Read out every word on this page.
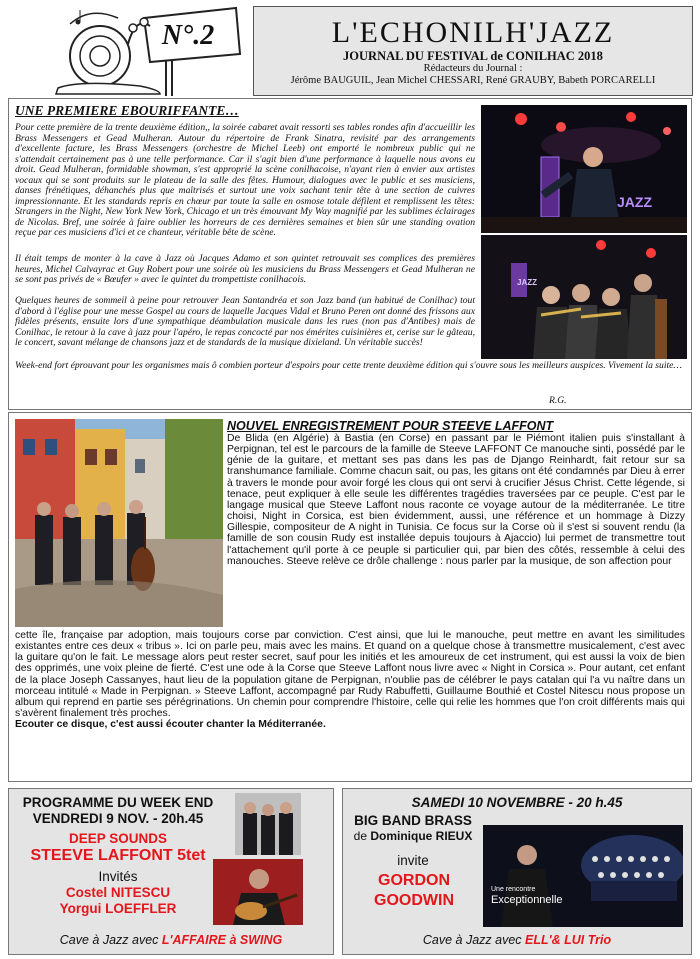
N°.2	L'ECHONILH'JAZZ
JOURNAL DU FESTIVAL de CONILHAC 2018
Rédacteurs du Journal :
Jérôme BAUGUIL, Jean Michel CHESSARI, René GRAUBY, Babeth PORCARELLI
UNE PREMIERE EBOURIFFANTE…

Pour cette première de la trente deuxième édition,, la soirée cabaret avait ressorti ses tables rondes afin d'accueillir les Brass Messengers et Gead Mulheran. Autour du répertoire de Frank Sinatra, revisité par des arrangements d'excellente facture, les Brass Messengers (orchestre de Michel Leeb) ont emporté le nombreux public qui ne s'attendait certainement pas à une telle performance. Car il s'agit bien d'une performance à laquelle nous avons eu droit. Gead Mulheran, formidable showman, s'est approprié la scène conilhacoise, n'ayant rien à envier aux artistes vocaux qui se sont produits sur le plateau de la salle des fêtes. Humour, dialogues avec le public et ses musiciens, danses frénétiques, déhanchés plus que maîtrisés et surtout une voix sachant tenir tête à une section de cuivres impressionnante. Et les standards repris en chœur par toute la salle en osmose totale défilent et remplissent les têtes: Strangers in the Night, New York New York, Chicago et un très émouvant My Way magnifié par les sublimes éclairages de Nicolas. Bref, une soirée à faire oublier les horreurs de ces dernières semaines et bien sûr une standing ovation reçue par ces musiciens d'ici et ce chanteur, véritable bête de scène.

Il était temps de monter à la cave à Jazz où Jacques Adamo et son quintet retrouvait ses complices des premières heures, Michel Calvayrac et Guy Robert pour une soirée où les musiciens du Brass Messengers et Gead Mulheran ne se sont pas privés de « Bœufer » avec le quintet du trompettiste conilhacois.

Quelques heures de sommeil à peine pour retrouver Jean Santandréa et son Jazz band (un habitué de Conilhac) tout d'abord à l'église pour une messe Gospel au cours de laquelle Jacques Vidal et Bruno Peren ont donné des frissons aux fidèles présents, ensuite lors d'une sympathique déambulation musicale dans les rues (non pas d'Antibes) mais de Conilhac, le retour à la cave à jazz pour l'apéro, le repas concocté par nos émérites cuisinières et, cerise sur le gâteau, le concert, savant mélange de chansons jazz et de standards de la musique dixieland. Un véritable succès!

Week-end fort éprouvant pour les organismes mais ô combien porteur d'espoirs pour cette trente deuxième édition qui s'ouvre sous les meilleurs auspices. Vivement la suite…

R.G.
JAZZ
JAZZ
NOUVEL ENREGISTREMENT POUR STEEVE LAFFONT

De Blida (en Algérie) à Bastia (en Corse) en passant par le Piémont italien puis s'installant à Perpignan, tel est le parcours de la famille de Steeve LAFFONT Ce manouche sinti, possédé par le génie de la guitare, et mettant ses pas dans les pas de Django Reinhardt, fait retour sur sa transhumance familiale. Comme chacun sait, ou pas, les gitans ont été condamnés par Dieu à errer à travers le monde pour avoir forgé les clous qui ont servi à crucifier Jésus Christ. Cette légende, si tenace, peut expliquer à elle seule les différentes tragédies traversées par ce peuple. C'est par le langage musical que Steeve Laffont nous raconte ce voyage autour de la méditerranée. Le titre choisi, Night in Corsica, est bien évidemment, aussi, une référence et un hommage à Dizzy Gillespie, compositeur de A night in Tunisia. Ce focus sur la Corse où il s'est si souvent rendu (la famille de son cousin Rudy est installée depuis toujours à Ajaccio) lui permet de transmettre tout l'attachement qu'il porte à ce peuple si particulier qui, par bien des côtés, ressemble à celui des manouches. Steeve relève ce drôle challenge : nous parler par la musique, de son affection pour

cette île, française par adoption, mais toujours corse par conviction. C'est ainsi, que lui le manouche, peut mettre en avant les similitudes existantes entre ces deux « tribus ». Ici on parle peu, mais avec les mains. Et quand on a quelque chose à transmettre musicalement, c'est avec la guitare qu'on le fait. Le message alors peut rester secret, sauf pour les initiés et les amoureux de cet instrument, qui est aussi la voix de bien des opprimés, une voix pleine de fierté. C'est une ode à la Corse que Steeve Laffont nous livre avec « Night in Corsica ». Pour autant, cet enfant de la place Joseph Cassanyes, haut lieu de la population gitane de Perpignan, n'oublie pas de célébrer le pays catalan qui l'a vu naître dans un morceau intitulé « Made in Perpignan. » Steeve Laffont, accompagné par Rudy Rabuffetti, Guillaume Bouthié et Costel Nitescu nous propose un album qui reprend en partie ses pérégrinations. Un chemin pour comprendre l'histoire, celle qui relie les hommes que l'on croit différents mais qui s'avèrent finalement très proches.
Ecouter ce disque, c'est aussi écouter chanter la Méditerranée.
PROGRAMME DU WEEK END
VENDREDI 9 NOV. - 20h.45
DEEP SOUNDS
STEEVE LAFFONT 5tet
Invités
Costel NITESCU
Yorgui LOEFFLER
Cave à Jazz avec L'AFFAIRE à SWING
SAMEDI 10 NOVEMBRE - 20 h.45
BIG BAND BRASS
de Dominique RIEUX
invite
GORDON GOODWIN
Une rencontre
Exceptionnelle
Cave à Jazz avec ELL'& LUI Trio
